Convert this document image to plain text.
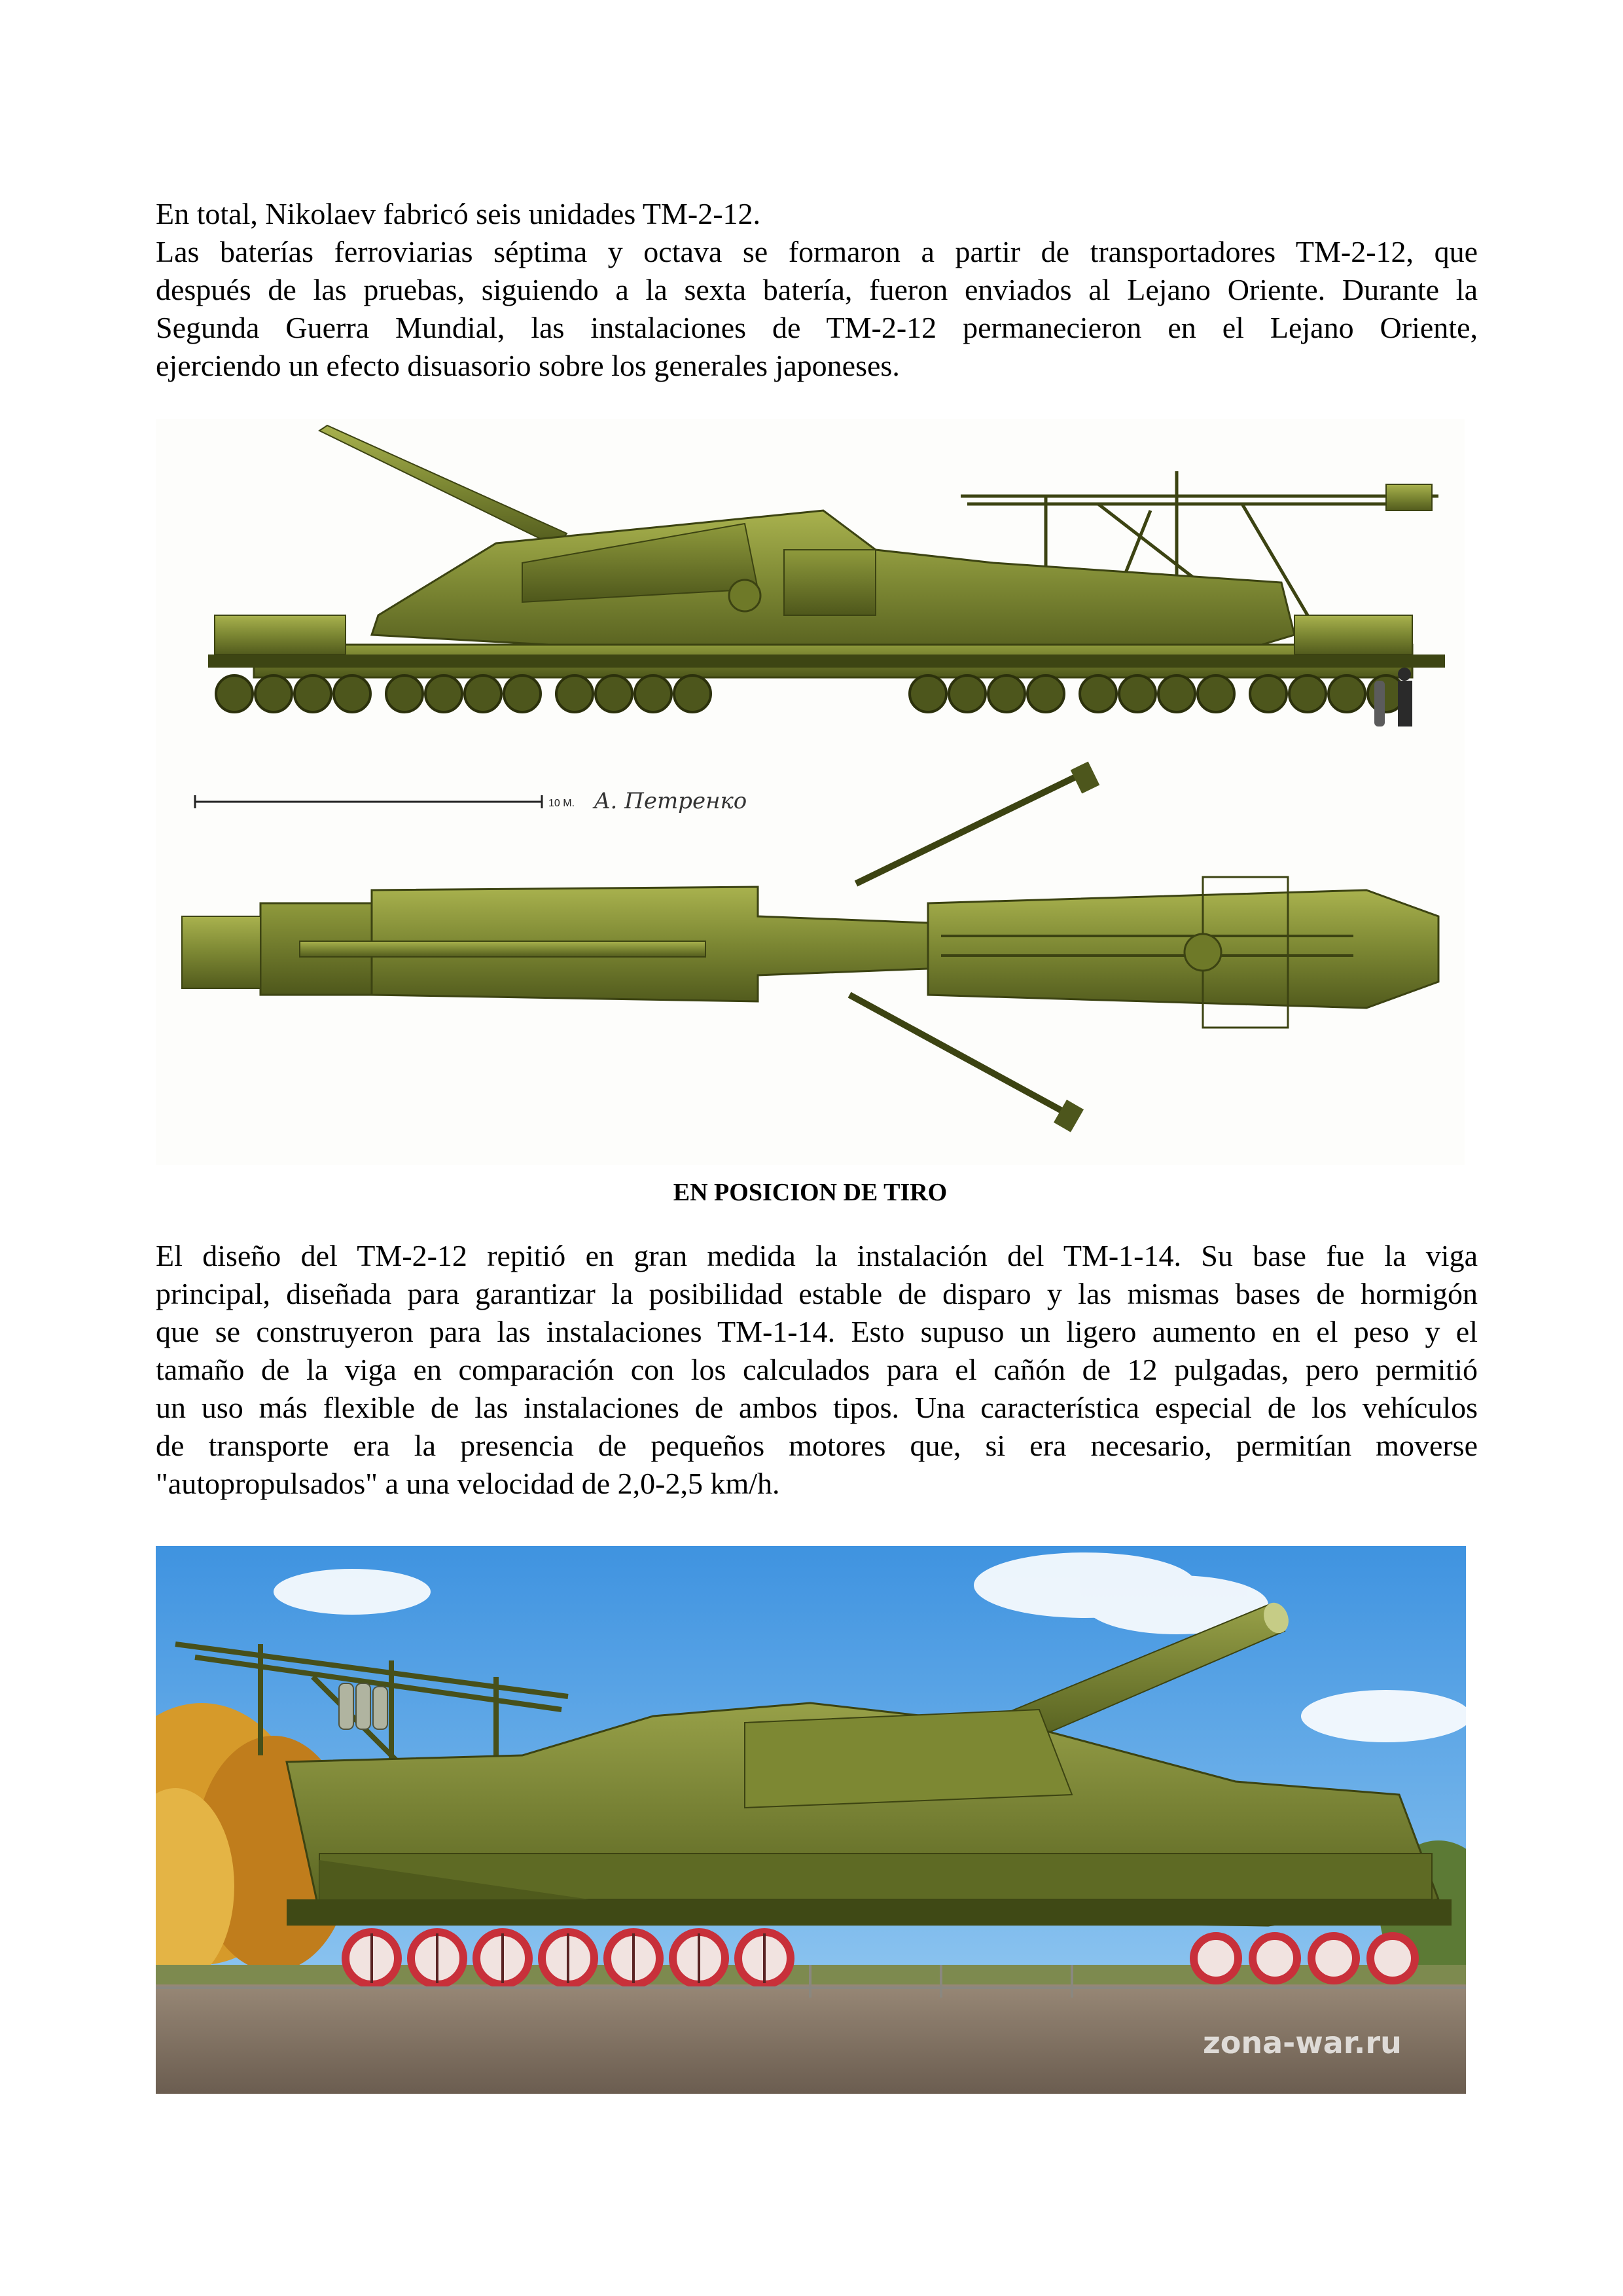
En total, Nikolaev fabricó seis unidades TM-2-12.
Las baterías ferroviarias séptima y octava se formaron a partir de transportadores TM-2-12, que
después de las pruebas, siguiendo a la sexta batería, fueron enviados al Lejano Oriente. Durante la
Segunda Guerra Mundial, las instalaciones de TM-2-12 permanecieron en el Lejano Oriente,
ejerciendo un efecto disuasorio sobre los generales japoneses.
10 M. A. Петренко
EN POSICION DE TIRO
El diseño del TM-2-12 repitió en gran medida la instalación del TM-1-14. Su base fue la viga
principal, diseñada para garantizar la posibilidad estable de disparo y las mismas bases de hormigón
que se construyeron para las instalaciones TM-1-14. Esto supuso un ligero aumento en el peso y el
tamaño de la viga en comparación con los calculados para el cañón de 12 pulgadas, pero permitió
un uso más flexible de las instalaciones de ambos tipos. Una característica especial de los vehículos
de transporte era la presencia de pequeños motores que, si era necesario, permitían moverse
"autopropulsados" a una velocidad de 2,0-2,5 km/h.
zona-war.ru
